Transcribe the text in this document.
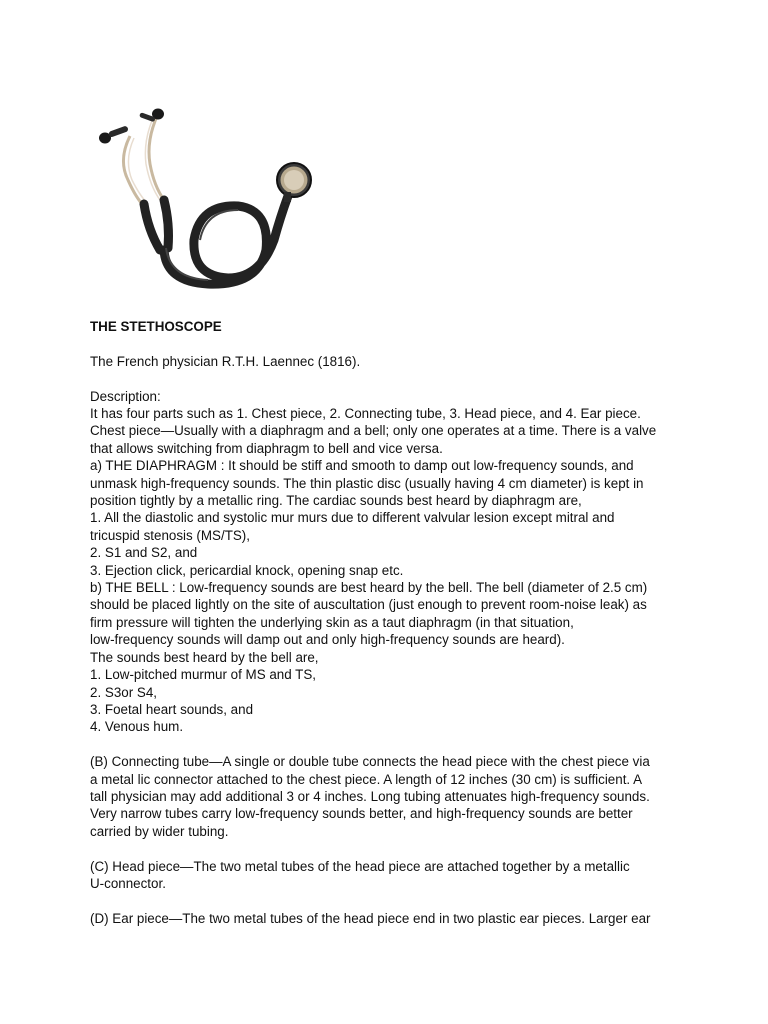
THE STETHOSCOPE

The French physician R.T.H. Laennec (1816).

Description:

It has four parts such as 1. Chest piece, 2. Connecting tube, 3. Head piece, and 4. Ear piece.

Chest piece—Usually with a diaphragm and a bell; only one operates at a time. There is a valve

that allows switching from diaphragm to bell and vice versa.

a) THE DIAPHRAGM : It should be stiff and smooth to damp out low-frequency sounds, and

unmask high-frequency sounds. The thin plastic disc (usually having 4 cm diameter) is kept in

position tightly by a metallic ring. The cardiac sounds best heard by diaphragm are,

1. All the diastolic and systolic mur murs due to different valvular lesion except mitral and

tricuspid stenosis (MS/TS),

2. S1 and S2, and

3. Ejection click, pericardial knock, opening snap etc.

b) THE BELL : Low-frequency sounds are best heard by the bell. The bell (diameter of 2.5 cm)

should be placed lightly on the site of auscultation (just enough to prevent room-noise leak) as

firm pressure will tighten the underlying skin as a taut diaphragm (in that situation,

low-frequency sounds will damp out and only high-frequency sounds are heard).

The sounds best heard by the bell are,

1. Low-pitched murmur of MS and TS,

2. S3or S4,

3. Foetal heart sounds, and

4. Venous hum.

(B) Connecting tube—A single or double tube connects the head piece with the chest piece via

a metal lic connector attached to the chest piece. A length of 12 inches (30 cm) is sufficient. A

tall physician may add additional 3 or 4 inches. Long tubing attenuates high-frequency sounds.

Very narrow tubes carry low-frequency sounds better, and high-frequency sounds are better

carried by wider tubing.

(C) Head piece—The two metal tubes of the head piece are attached together by a metallic

U-connector.

(D) Ear piece—The two metal tubes of the head piece end in two plastic ear pieces. Larger ear
